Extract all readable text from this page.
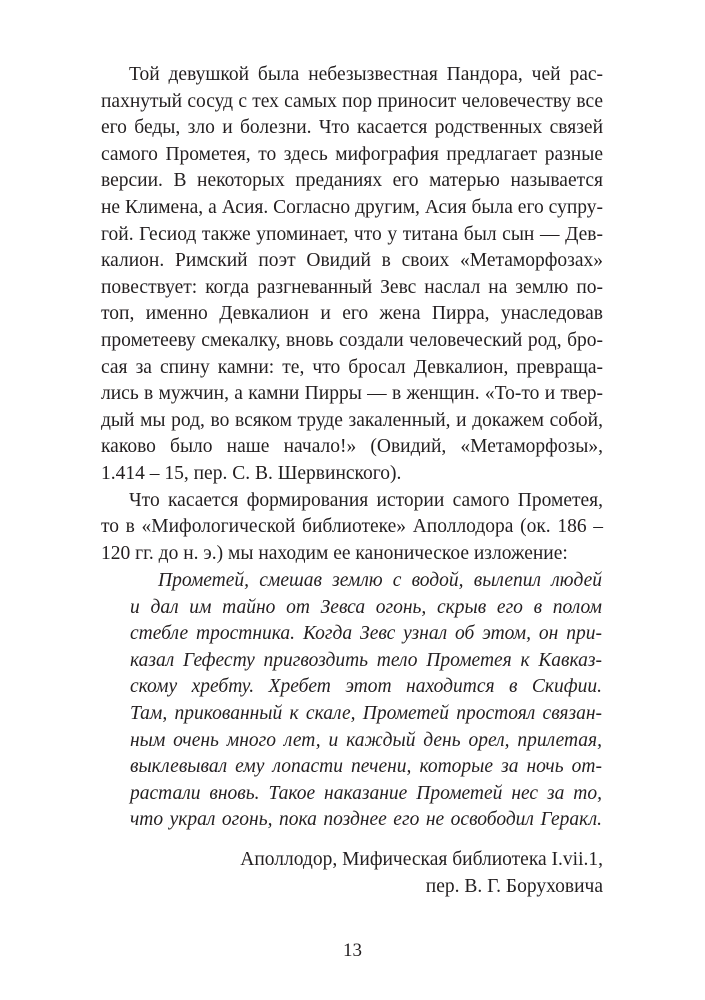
Той девушкой была небезызвестная Пандора, чей рас-
пахнутый сосуд с тех самых пор приносит человечеству все
его беды, зло и болезни. Что касается родственных связей
самого Прометея, то здесь мифография предлагает разные
версии. В некоторых преданиях его матерью называется
не Климена, а Асия. Согласно другим, Асия была его супру-
гой. Гесиод также упоминает, что у титана был сын — Дев-
калион. Римский поэт Овидий в своих «Метаморфозах»
повествует: когда разгневанный Зевс наслал на землю по-
топ, именно Девкалион и его жена Пирра, унаследовав
прометееву смекалку, вновь создали человеческий род, бро-
сая за спину камни: те, что бросал Девкалион, превраща-
лись в мужчин, а камни Пирры — в женщин. «То-то и твер-
дый мы род, во всяком труде закаленный, и докажем собой,
каково было наше начало!» (Овидий, «Метаморфозы»,
1.414 – 15, пер. С. В. Шервинского).
Что касается формирования истории самого Прометея,
то в «Мифологической библиотеке» Аполлодора (ок. 186 –
120 гг. до н. э.) мы находим ее каноническое изложение:
Прометей, смешав землю с водой, вылепил людей
и дал им тайно от Зевса огонь, скрыв его в полом
стебле тростника. Когда Зевс узнал об этом, он при-
казал Гефесту пригвоздить тело Прометея к Кавказ-
скому хребту. Хребет этот находится в Скифии.
Там, прикованный к скале, Прометей простоял связан-
ным очень много лет, и каждый день орел, прилетая,
выклевывал ему лопасти печени, которые за ночь от-
растали вновь. Такое наказание Прометей нес за то,
что украл огонь, пока позднее его не освободил Геракл.
Аполлодор, Мифическая библиотека I.vii.1,
пер. В. Г. Боруховича
13
